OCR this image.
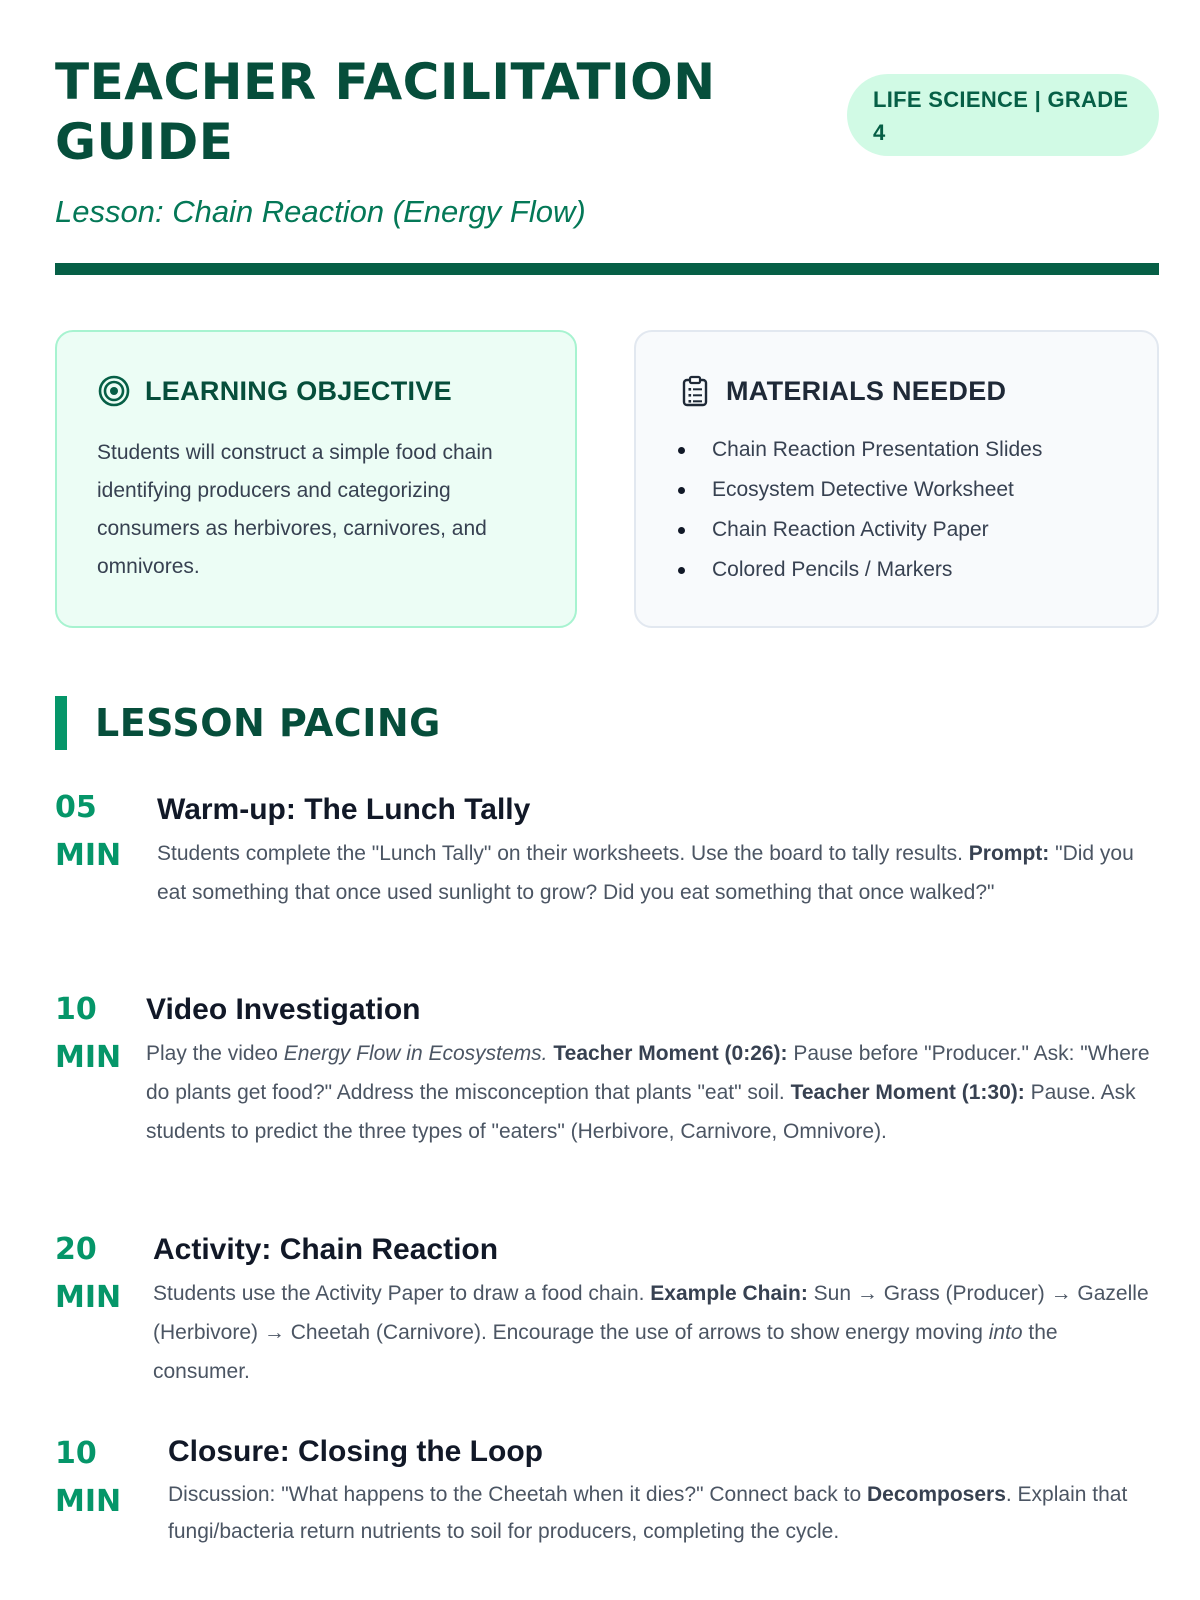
TEACHER FACILITATION GUIDE
LIFE SCIENCE | GRADE 4
Lesson: Chain Reaction (Energy Flow)
LEARNING OBJECTIVE

Students will construct a simple food chain identifying producers and categorizing consumers as herbivores, carnivores, and omnivores.

MATERIALS NEEDED
Chain Reaction Presentation Slides
Ecosystem Detective Worksheet
Chain Reaction Activity Paper
Colored Pencils / Markers
LESSON PACING
05
MIN
Warm-up: The Lunch Tally

Students complete the "Lunch Tally" on their worksheets. Use the board to tally results. Prompt: "Did you eat something that once used sunlight to grow? Did you eat something that once walked?"

10
MIN
Video Investigation

Play the video Energy Flow in Ecosystems. Teacher Moment (0:26): Pause before "Producer." Ask: "Where do plants get food?" Address the misconception that plants "eat" soil. Teacher Moment (1:30): Pause. Ask students to predict the three types of "eaters" (Herbivore, Carnivore, Omnivore).

20
MIN
Activity: Chain Reaction

Students use the Activity Paper to draw a food chain. Example Chain: Sun → Grass (Producer) → Gazelle (Herbivore) → Cheetah (Carnivore). Encourage the use of arrows to show energy moving into the consumer.

10
MIN
Closure: Closing the Loop

Discussion: "What happens to the Cheetah when it dies?" Connect back to Decomposers. Explain that fungi/bacteria return nutrients to soil for producers, completing the cycle.
